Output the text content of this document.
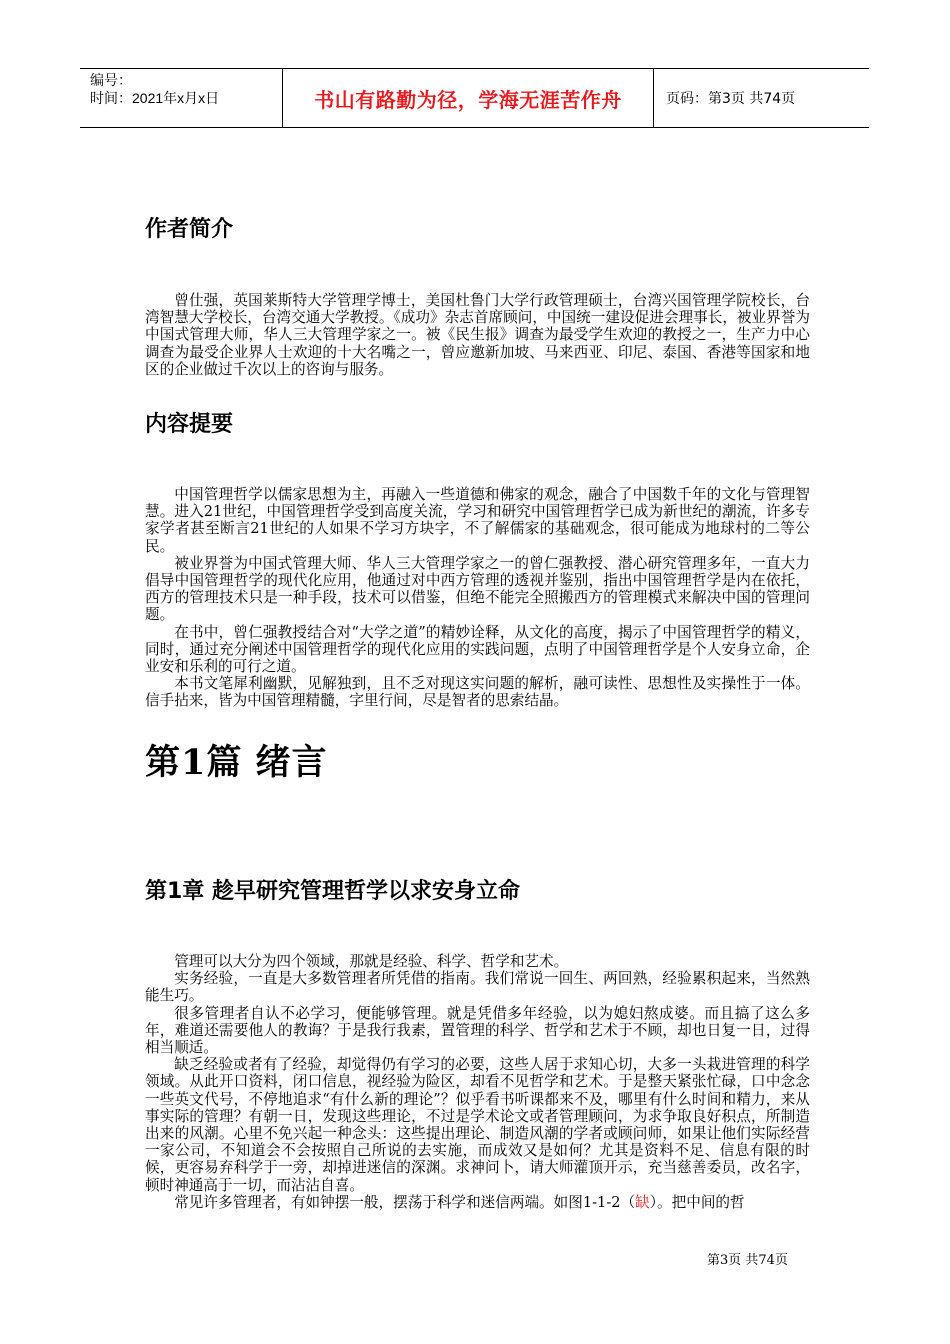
编号：
时间：2021年x月x日	书山有路勤为径，学海无涯苦作舟	页码：第3页 共74页
作者简介

曾仕强，英国莱斯特大学管理学博士，美国杜鲁门大学行政管理硕士，台湾兴国管理学院校长，台湾智慧大学校长，台湾交通大学教授。《成功》杂志首席顾问，中国统一建设促进会理事长，被业界誉为中国式管理大师，华人三大管理学家之一。被《民生报》调查为最受学生欢迎的教授之一，生产力中心调查为最受企业界人士欢迎的十大名嘴之一，曾应邀新加坡、马来西亚、印尼、泰国、香港等国家和地区的企业做过千次以上的咨询与服务。

内容提要

中国管理哲学以儒家思想为主，再融入一些道德和佛家的观念，融合了中国数千年的文化与管理智慧。进入21世纪，中国管理哲学受到高度关流，学习和研究中国管理哲学已成为新世纪的潮流，许多专家学者甚至断言21世纪的人如果不学习方块字，不了解儒家的基础观念，很可能成为地球村的二等公民。

被业界誉为中国式管理大师、华人三大管理学家之一的曾仁强教授、潜心研究管理多年，一直大力倡导中国管理哲学的现代化应用，他通过对中西方管理的透视并鉴别，指出中国管理哲学是内在依托，西方的管理技术只是一种手段，技术可以借鉴，但绝不能完全照搬西方的管理模式来解决中国的管理问题。

在书中，曾仁强教授结合对“大学之道”的精妙诠释，从文化的高度，揭示了中国管理哲学的精义，同时，通过充分阐述中国管理哲学的现代化应用的实践问题，点明了中国管理哲学是个人安身立命，企业安和乐利的可行之道。

本书文笔犀利幽默，见解独到，且不乏对现这实问题的解析，融可读性、思想性及实操性于一体。信手拈来，皆为中国管理精髓，字里行间，尽是智者的思索结晶。

第1篇 绪言
第1章 趁早研究管理哲学以求安身立命

管理可以大分为四个领域，那就是经验、科学、哲学和艺术。

实务经验，一直是大多数管理者所凭借的指南。我们常说一回生、两回熟，经验累积起来，当然熟能生巧。

很多管理者自认不必学习，便能够管理。就是凭借多年经验，以为媳妇熬成婆。而且搞了这么多年，难道还需要他人的教诲？于是我行我素，置管理的科学、哲学和艺术于不顾，却也日复一日，过得相当顺适。

缺乏经验或者有了经验，却觉得仍有学习的必要，这些人居于求知心切，大多一头栽进管理的科学领域。从此开口资料，闭口信息，视经验为险区，却看不见哲学和艺术。于是整天紧张忙碌，口中念念一些英文代号，不停地追求“有什么新的理论”？似乎看书听课都来不及，哪里有什么时间和精力，来从事实际的管理？有朝一日，发现这些理论，不过是学术论文或者管理顾问，为求争取良好积点，所制造出来的风潮。心里不免兴起一种念头：这些提出理论、制造风潮的学者或顾问师，如果让他们实际经营一家公司，不知道会不会按照自己所说的去实施，而成效又是如何？尤其是资料不足、信息有限的时候，更容易弃科学于一旁，却掉进迷信的深渊。求神问卜，请大师灌顶开示，充当慈善委员，改名字，顿时神通高于一切，而沾沾自喜。

常见许多管理者，有如钟摆一般，摆荡于科学和迷信两端。如图1-1-2（缺）。把中间的哲

第3页 共74页
